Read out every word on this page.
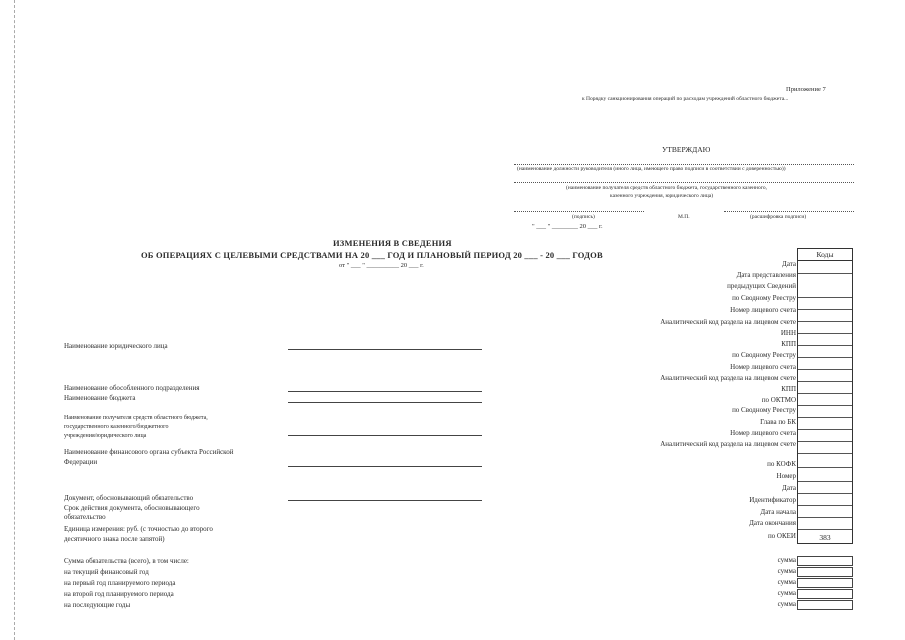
Приложение 7
к Порядку санкционирования операций по расходам учреждений областного бюджета...
УТВЕРЖДАЮ
(наименование должности руководителя (иного лица, имеющего право подписи в соответствии с доверенностью))
(наименование получателя средств областного бюджета, государственного казенного,
казенного учреждения, юридического лица)
(подпись)	М.П.	(расшифровка подписи)
" ___ " ________ 20 ___ г.
ИЗМЕНЕНИЯ В СВЕДЕНИЯ
ОБ ОПЕРАЦИЯХ С ЦЕЛЕВЫМИ СРЕДСТВАМИ НА 20 ___ ГОД И ПЛАНОВЫЙ ПЕРИОД 20 ___ - 20 ___ ГОДОВ
от " ___ " __________ 20 ___ г.
Коды
383
Дата
Дата представления
предыдущих Сведений
по Сводному Реестру
Номер лицевого счета
Аналитический код раздела на лицевом счете
ИНН
КПП
по Сводному Реестру
Номер лицевого счета
Аналитический код раздела на лицевом счете
КПП
по ОКТМО
по Сводному Реестру
Глава по БК
Номер лицевого счета
Аналитический код раздела на лицевом счете
по КОФК
Номер
Дата
Идентификатор
Дата начала
Дата окончания
по ОКЕИ
Наименование юридического лица
Наименование обособленного подразделения
Наименование бюджета
Наименование получателя средств областного бюджета,
государственного казенного/бюджетного
учреждения/юридического лица
Наименование финансового органа субъекта Российской
Федерации
Документ, обосновывающий обязательство
Срок действия документа, обосновывающего
обязательство
Единица измерения: руб. (с точностью до второго
десятичного знака после запятой)
Сумма обязательства (всего), в том числе:
на текущий финансовый год
на первый год планируемого периода
на второй год планируемого периода
на последующие годы
сумма
сумма
сумма
сумма
сумма
